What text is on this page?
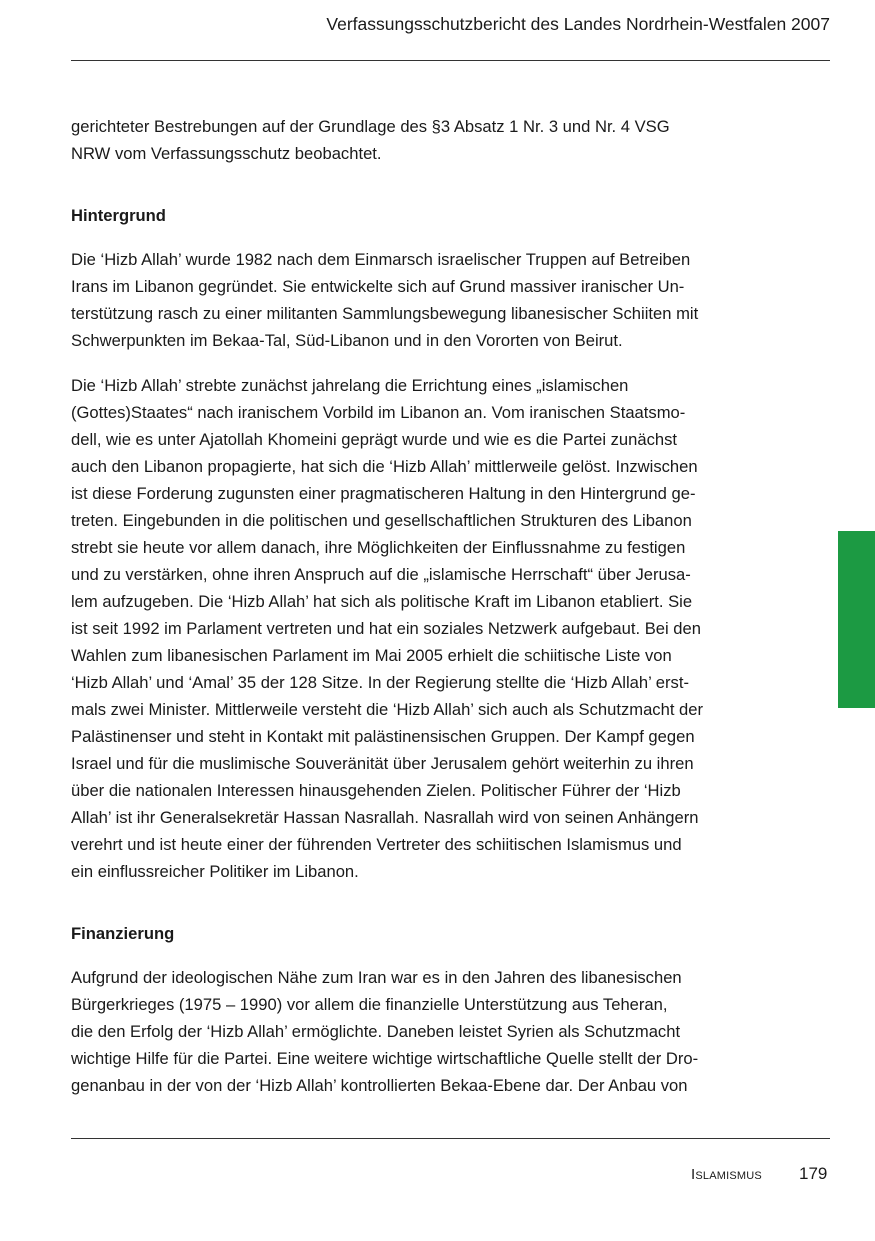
Verfassungsschutzbericht des Landes Nordrhein-Westfalen 2007

gerichteter Bestrebungen auf der Grundlage des §3 Absatz 1 Nr. 3 und Nr. 4 VSG
NRW vom Verfassungsschutz beobachtet.

Hintergrund

Die ‘Hizb Allah’ wurde 1982 nach dem Einmarsch israelischer Truppen auf Betreiben
Irans im Libanon gegründet. Sie entwickelte sich auf Grund massiver iranischer Un-
terstützung rasch zu einer militanten Sammlungsbewegung libanesischer Schiiten mit
Schwerpunkten im Bekaa-Tal, Süd-Libanon und in den Vororten von Beirut.

Die ‘Hizb Allah’ strebte zunächst jahrelang die Errichtung eines „islamischen
(Gottes)Staates“ nach iranischem Vorbild im Libanon an. Vom iranischen Staatsmo-
dell, wie es unter Ajatollah Khomeini geprägt wurde und wie es die Partei zunächst
auch den Libanon propagierte, hat sich die ‘Hizb Allah’ mittlerweile gelöst. Inzwischen
ist diese Forderung zugunsten einer pragmatischeren Haltung in den Hintergrund ge-
treten. Eingebunden in die politischen und gesellschaftlichen Strukturen des Libanon
strebt sie heute vor allem danach, ihre Möglichkeiten der Einflussnahme zu festigen
und zu verstärken, ohne ihren Anspruch auf die „islamische Herrschaft“ über Jerusa-
lem aufzugeben. Die ‘Hizb Allah’ hat sich als politische Kraft im Libanon etabliert. Sie
ist seit 1992 im Parlament vertreten und hat ein soziales Netzwerk aufgebaut. Bei den
Wahlen zum libanesischen Parlament im Mai 2005 erhielt die schiitische Liste von
‘Hizb Allah’ und ‘Amal’ 35 der 128 Sitze. In der Regierung stellte die ‘Hizb Allah’ erst-
mals zwei Minister. Mittlerweile versteht die ‘Hizb Allah’ sich auch als Schutzmacht der
Palästinenser und steht in Kontakt mit palästinensischen Gruppen. Der Kampf gegen
Israel und für die muslimische Souveränität über Jerusalem gehört weiterhin zu ihren
über die nationalen Interessen hinausgehenden Zielen. Politischer Führer der ‘Hizb
Allah’ ist ihr Generalsekretär Hassan Nasrallah. Nasrallah wird von seinen Anhängern
verehrt und ist heute einer der führenden Vertreter des schiitischen Islamismus und
ein einflussreicher Politiker im Libanon.

Finanzierung

Aufgrund der ideologischen Nähe zum Iran war es in den Jahren des libanesischen
Bürgerkrieges (1975 – 1990) vor allem die finanzielle Unterstützung aus Teheran,
die den Erfolg der ‘Hizb Allah’ ermöglichte. Daneben leistet Syrien als Schutzmacht
wichtige Hilfe für die Partei. Eine weitere wichtige wirtschaftliche Quelle stellt der Dro-
genanbau in der von der ‘Hizb Allah’ kontrollierten Bekaa-Ebene dar. Der Anbau von

Islamismus 179
